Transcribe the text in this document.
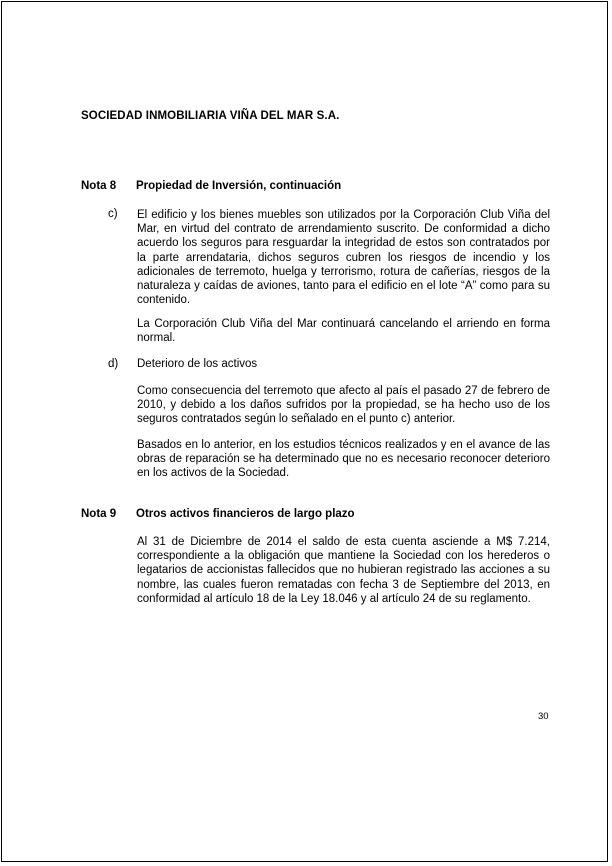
SOCIEDAD INMOBILIARIA VIÑA DEL MAR S.A.
Nota 8 Propiedad de Inversión, continuación
c) El edificio y los bienes muebles son utilizados por la Corporación Club Viña del Mar, en virtud del contrato de arrendamiento suscrito. De conformidad a dicho acuerdo los seguros para resguardar la integridad de estos son contratados por la parte arrendataria, dichos seguros cubren los riesgos de incendio y los adicionales de terremoto, huelga y terrorismo, rotura de cañerías, riesgos de la naturaleza y caídas de aviones, tanto para el edificio en el lote “A” como para su contenido.
La Corporación Club Viña del Mar continuará cancelando el arriendo en forma normal.
d) Deterioro de los activos
Como consecuencia del terremoto que afecto al país el pasado 27 de febrero de 2010, y debido a los daños sufridos por la propiedad, se ha hecho uso de los seguros contratados según lo señalado en el punto c) anterior.
Basados en lo anterior, en los estudios técnicos realizados y en el avance de las obras de reparación se ha determinado que no es necesario reconocer deterioro en los activos de la Sociedad.
Nota 9 Otros activos financieros de largo plazo
Al 31 de Diciembre de 2014 el saldo de esta cuenta asciende a M$ 7.214, correspondiente a la obligación que mantiene la Sociedad con los herederos o legatarios de accionistas fallecidos que no hubieran registrado las acciones a su nombre, las cuales fueron rematadas con fecha 3 de Septiembre del 2013, en conformidad al artículo 18 de la Ley 18.046 y al artículo 24 de su reglamento.
30
